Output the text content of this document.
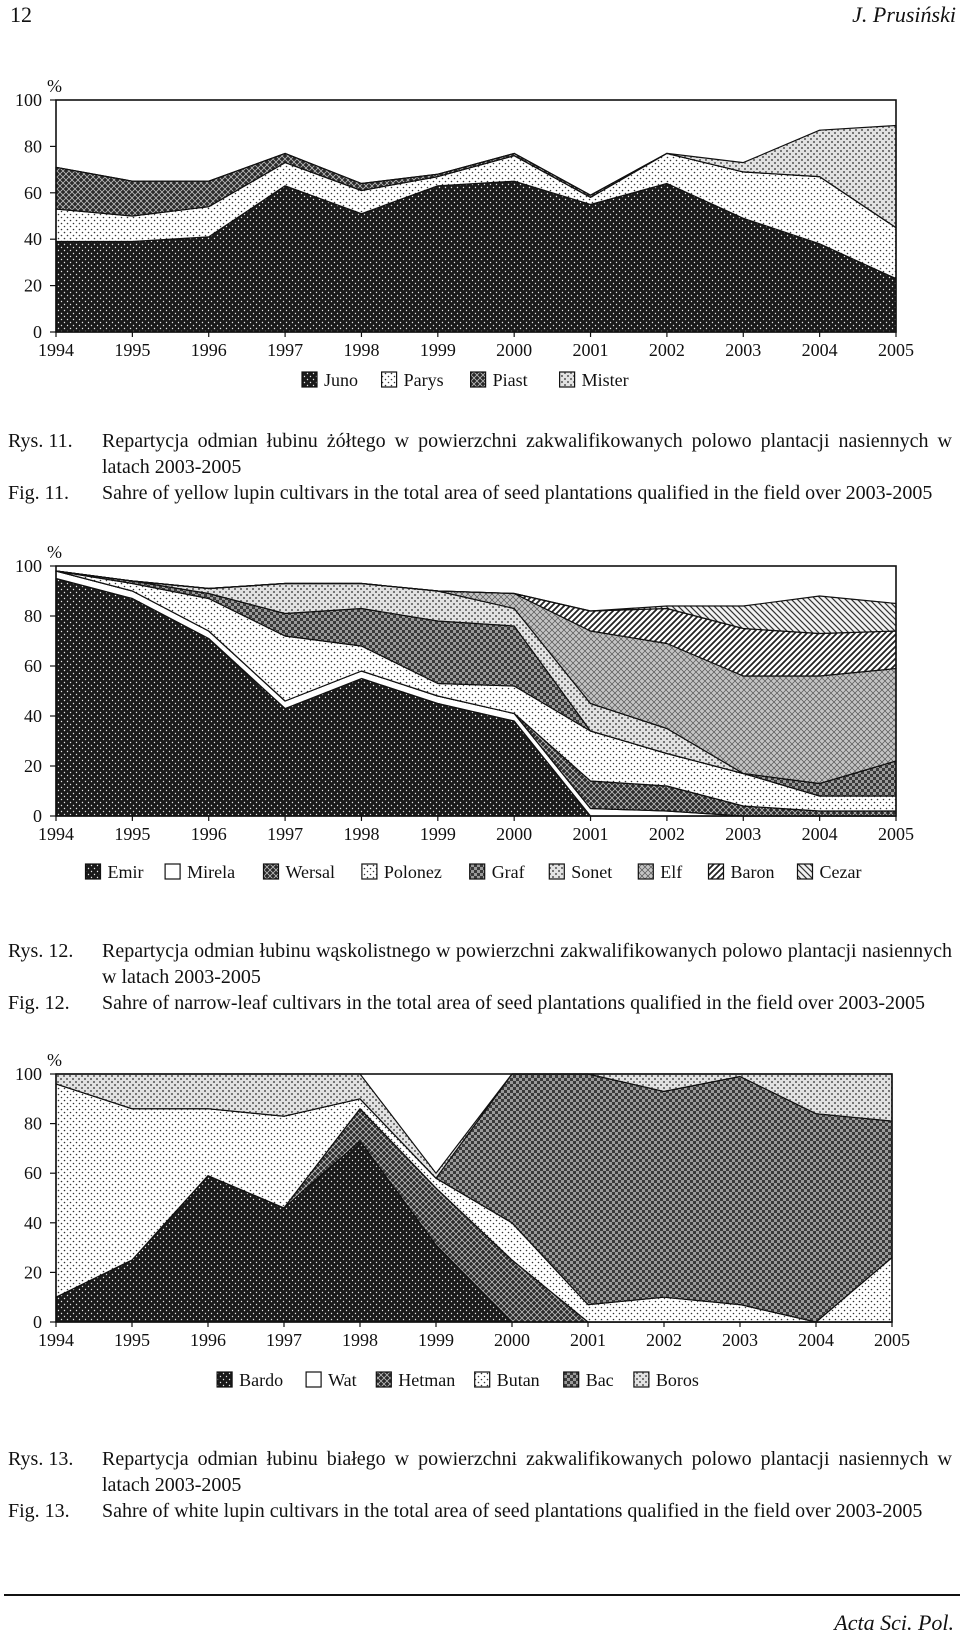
12	J. Prusiński
0
20
40
60
80
100
%
1994 1995 1996 1997 1998 1999 2000 2001 2002 2003 2004 2005
Juno	Parys	Piast	Mister
Rys. 11.	Repartycja odmian łubinu żółtego w powierzchni zakwalifikowanych polowo plantacji nasiennych w latach 2003-2005
Fig. 11.	Sahre of yellow lupin cultivars in the total area of seed plantations qualified in the field over 2003-2005
0
20
40
60
80
100
%
1994 1995 1996 1997 1998 1999 2000 2001 2002 2003 2004 2005
Emir Mirela	Wersal	Polonez	Graf	Sonet	Elf	Baron	Cezar
Rys. 12.	Repartycja odmian łubinu wąskolistnego w powierzchni zakwalifikowanych polowo plantacji nasiennych w latach 2003-2005
Fig. 12.	Sahre of narrow-leaf cultivars in the total area of seed plantations qualified in the field over 2003-2005
0
20
40
60
80
100
%
1994 1995 1996 1997 1998 1999 2000 2001 2002 2003 2004 2005
Bardo	Wat Hetman Butan	Bac Boros
Rys. 13.	Repartycja odmian łubinu białego w powierzchni zakwalifikowanych polowo plantacji nasiennych w latach 2003-2005
Fig. 13.	Sahre of white lupin cultivars in the total area of seed plantations qualified in the field over 2003-2005
Acta Sci. Pol.
